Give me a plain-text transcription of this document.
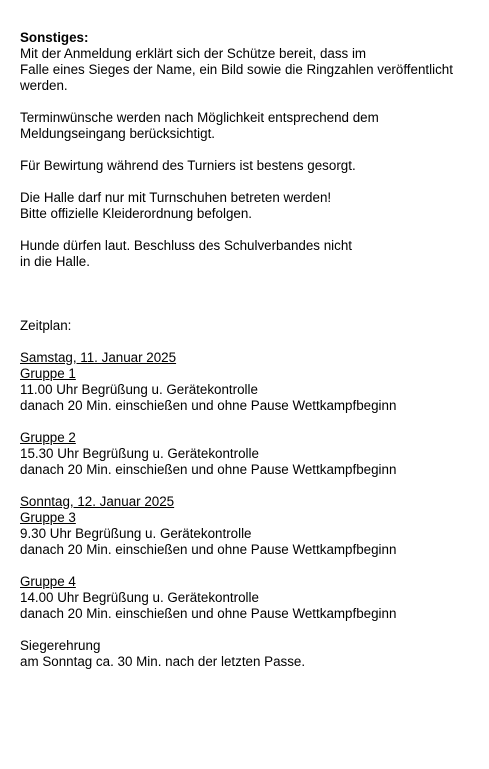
Sonstiges:
Mit der Anmeldung erklärt sich der Schütze bereit, dass im
Falle eines Sieges der Name, ein Bild sowie die Ringzahlen veröffentlicht
werden.
Terminwünsche werden nach Möglichkeit entsprechend dem
Meldungseingang berücksichtigt.
Für Bewirtung während des Turniers ist bestens gesorgt.
Die Halle darf nur mit Turnschuhen betreten werden!
Bitte offizielle Kleiderordnung befolgen.
Hunde dürfen laut. Beschluss des Schulverbandes nicht
in die Halle.
Zeitplan:
Samstag, 11. Januar 2025
Gruppe 1
11.00 Uhr Begrüßung u. Gerätekontrolle
danach 20 Min. einschießen und ohne Pause Wettkampfbeginn
Gruppe 2
15.30 Uhr Begrüßung u. Gerätekontrolle
danach 20 Min. einschießen und ohne Pause Wettkampfbeginn
Sonntag, 12. Januar 2025
Gruppe 3
9.30 Uhr Begrüßung u. Gerätekontrolle
danach 20 Min. einschießen und ohne Pause Wettkampfbeginn
Gruppe 4
14.00 Uhr Begrüßung u. Gerätekontrolle
danach 20 Min. einschießen und ohne Pause Wettkampfbeginn
Siegerehrung
am Sonntag ca. 30 Min. nach der letzten Passe.
